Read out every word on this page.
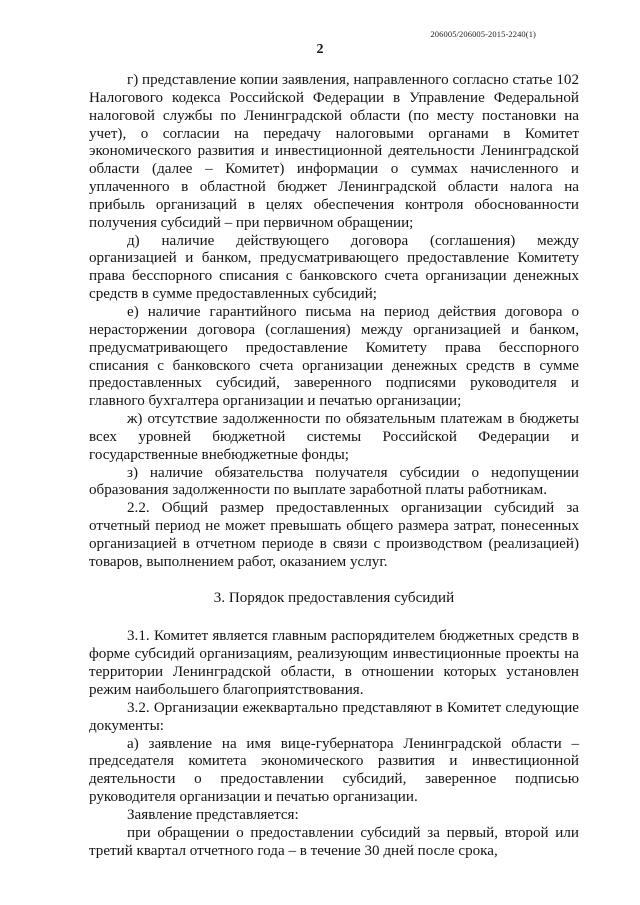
206005/206005-2015-2240(1)
2

г) представление копии заявления, направленного согласно статье 102 Налогового кодекса Российской Федерации в Управление Федеральной налоговой службы по Ленинградской области (по месту постановки на учет), о согласии на передачу налоговыми органами в Комитет экономического развития и инвестиционной деятельности Ленинградской области (далее – Комитет) информации о суммах начисленного и уплаченного в областной бюджет Ленинградской области налога на прибыль организаций в целях обеспечения контроля обоснованности получения субсидий – при первичном обращении;

д) наличие действующего договора (соглашения) между организацией и банком, предусматривающего предоставление Комитету права бесспорного списания с банковского счета организации денежных средств в сумме предоставленных субсидий;

е) наличие гарантийного письма на период действия договора о нерасторжении договора (соглашения) между организацией и банком, предусматривающего предоставление Комитету права бесспорного списания с банковского счета организации денежных средств в сумме предоставленных субсидий, заверенного подписями руководителя и главного бухгалтера организации и печатью организации;

ж) отсутствие задолженности по обязательным платежам в бюджеты всех уровней бюджетной системы Российской Федерации и государственные внебюджетные фонды;

з) наличие обязательства получателя субсидии о недопущении образования задолженности по выплате заработной платы работникам.

2.2. Общий размер предоставленных организации субсидий за отчетный период не может превышать общего размера затрат, понесенных организацией в отчетном периоде в связи с производством (реализацией) товаров, выполнением работ, оказанием услуг.

3. Порядок предоставления субсидий

3.1. Комитет является главным распорядителем бюджетных средств в форме субсидий организациям, реализующим инвестиционные проекты на территории Ленинградской области, в отношении которых установлен режим наибольшего благоприятствования.

3.2. Организации ежеквартально представляют в Комитет следующие документы:

а) заявление на имя вице-губернатора Ленинградской области – председателя комитета экономического развития и инвестиционной деятельности о предоставлении субсидий, заверенное подписью руководителя организации и печатью организации.

Заявление представляется:

при обращении о предоставлении субсидий за первый, второй или третий квартал отчетного года – в течение 30 дней после срока,
